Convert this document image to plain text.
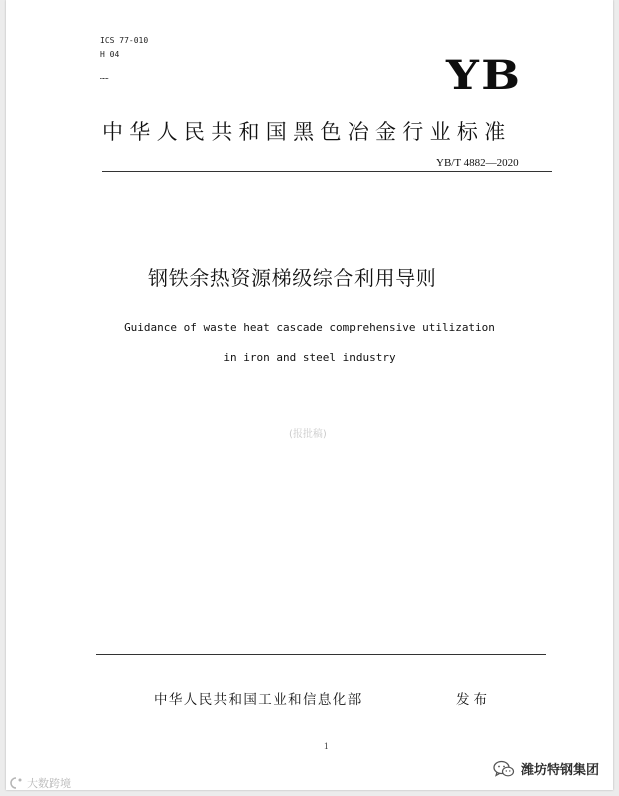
ICS 77-010
H 04
……	YB
中华人民共和国黑色冶金行业标准
YB/T 4882—2020
钢铁余热资源梯级综合利用导则
Guidance of waste heat cascade comprehensive utilization
in iron and steel industry
(报批稿)
中华人民共和国工业和信息化部	发布
1
大数跨境
潍坊特钢集团
